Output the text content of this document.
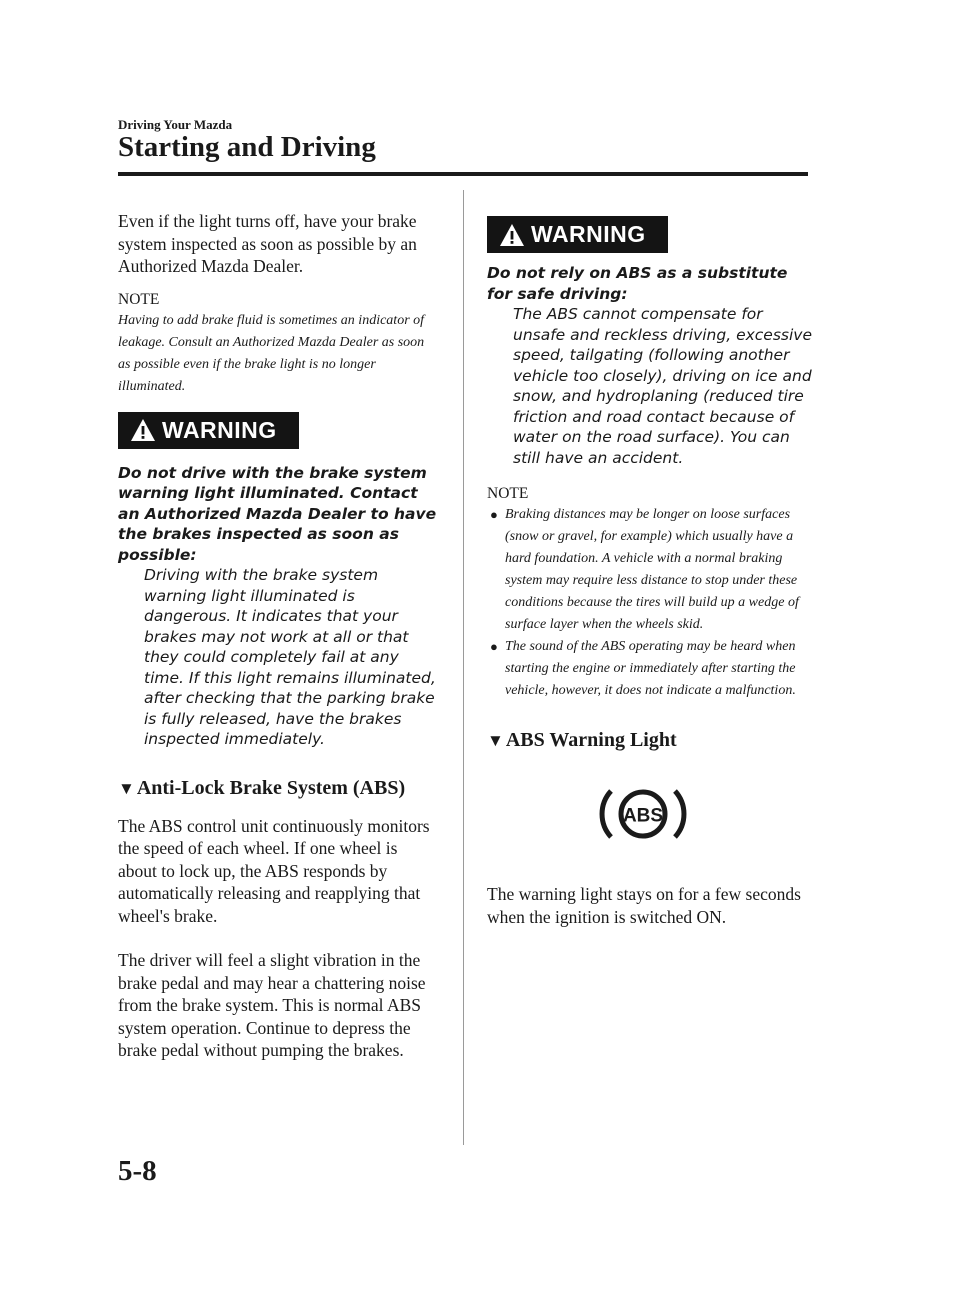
Driving Your Mazda
Starting and Driving

Even if the light turns off, have your brake system inspected as soon as possible by an Authorized Mazda Dealer.

NOTE

Having to add brake fluid is sometimes an indicator of leakage. Consult an Authorized Mazda Dealer as soon as possible even if the brake light is no longer illuminated.

WARNING

Do not drive with the brake system warning light illuminated. Contact an Authorized Mazda Dealer to have the brakes inspected as soon as possible:

Driving with the brake system warning light illuminated is dangerous. It indicates that your brakes may not work at all or that they could completely fail at any time. If this light remains illuminated, after checking that the parking brake is fully released, have the brakes inspected immediately.

▼ Anti-Lock Brake System (ABS)

The ABS control unit continuously monitors the speed of each wheel. If one wheel is about to lock up, the ABS responds by automatically releasing and reapplying that wheel's brake.

The driver will feel a slight vibration in the brake pedal and may hear a chattering noise from the brake system. This is normal ABS system operation. Continue to depress the brake pedal without pumping the brakes.

WARNING

Do not rely on ABS as a substitute for safe driving:

The ABS cannot compensate for unsafe and reckless driving, excessive speed, tailgating (following another vehicle too closely), driving on ice and snow, and hydroplaning (reduced tire friction and road contact because of water on the road surface). You can still have an accident.

NOTE

● Braking distances may be longer on loose surfaces (snow or gravel, for example) which usually have a hard foundation. A vehicle with a normal braking system may require less distance to stop under these conditions because the tires will build up a wedge of surface layer when the wheels skid.
● The sound of the ABS operating may be heard when starting the engine or immediately after starting the vehicle, however, it does not indicate a malfunction.
▼ ABS Warning Light
ABS

The warning light stays on for a few seconds when the ignition is switched ON.

5-8
